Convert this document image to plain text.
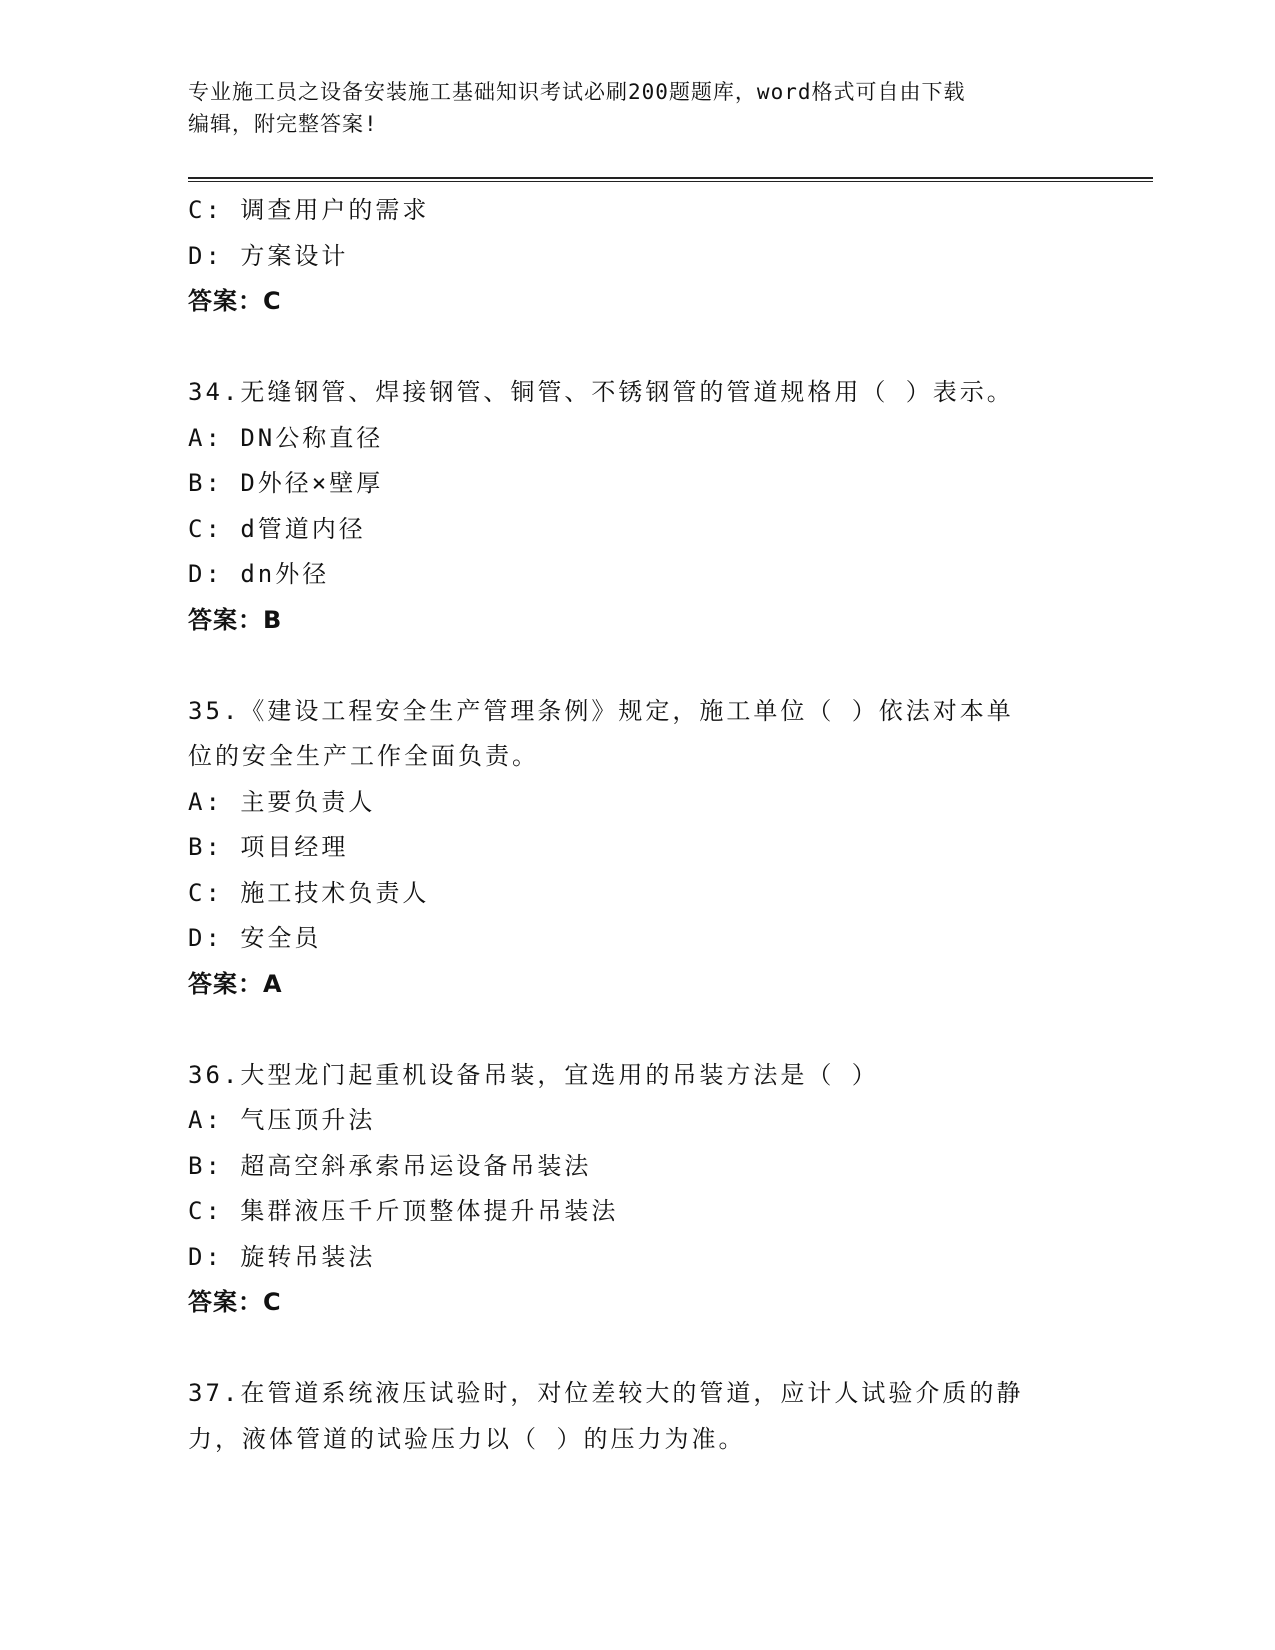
专业施工员之设备安装施工基础知识考试必刷200题题库，word格式可自由下载
编辑，附完整答案!
C: 调查用户的需求
D: 方案设计
答案：C
34.无缝钢管、焊接钢管、铜管、不锈钢管的管道规格用（ ）表示。
A: DN公称直径
B: D外径×壁厚
C: d管道内径
D: dn外径
答案：B
35.《建设工程安全生产管理条例》规定，施工单位（ ）依法对本单
位的安全生产工作全面负责。
A: 主要负责人
B: 项目经理
C: 施工技术负责人
D: 安全员
答案：A
36.大型龙门起重机设备吊装，宜选用的吊装方法是（ ）
A: 气压顶升法
B: 超高空斜承索吊运设备吊装法
C: 集群液压千斤顶整体提升吊装法
D: 旋转吊装法
答案：C
37.在管道系统液压试验时，对位差较大的管道，应计人试验介质的静
力，液体管道的试验压力以（ ）的压力为准。
